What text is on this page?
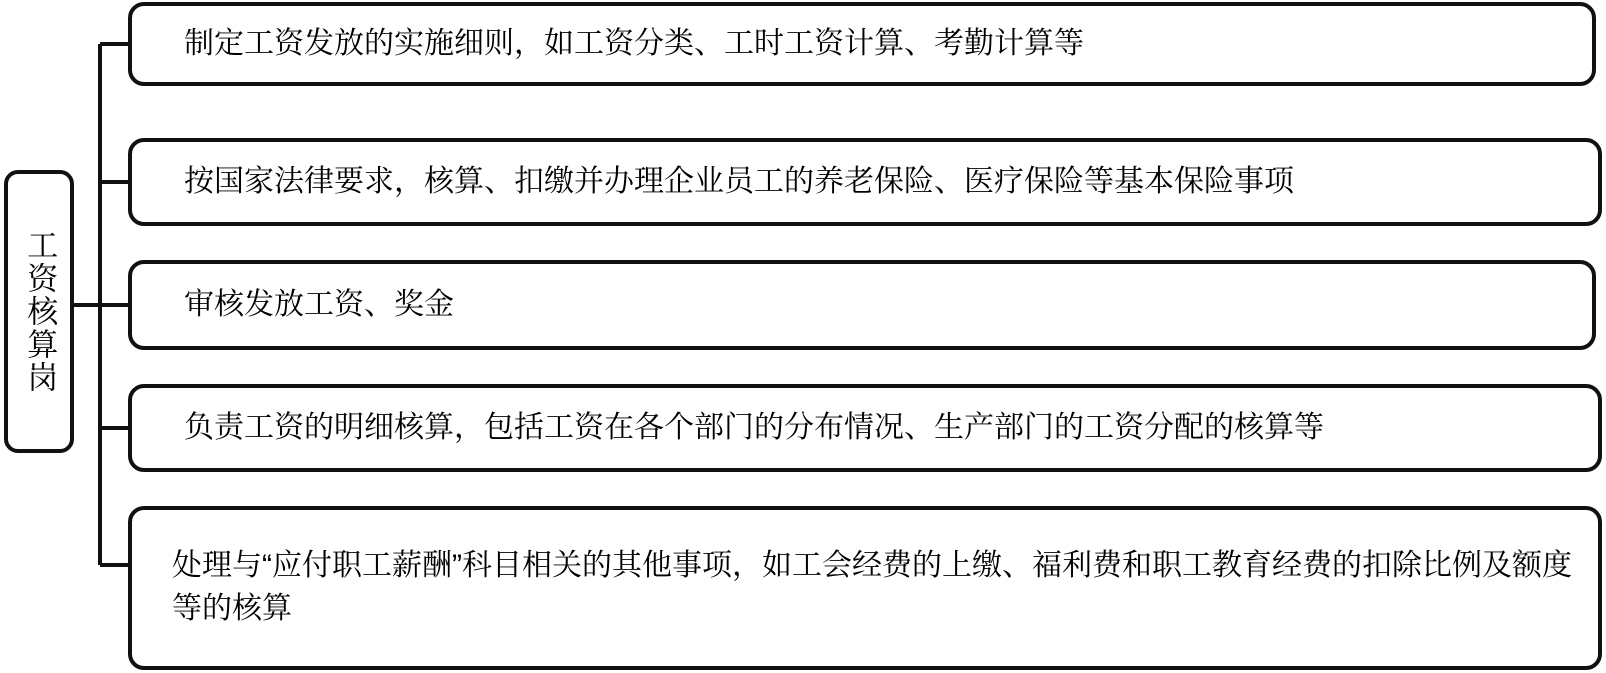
工资核算岗
制定工资发放的实施细则，如工资分类、工时工资计算、考勤计算等
按国家法律要求，核算、扣缴并办理企业员工的养老保险、医疗保险等基本保险事项
审核发放工资、奖金
负责工资的明细核算，包括工资在各个部门的分布情况、生产部门的工资分配的核算等
处理与“应付职工薪酬”科目相关的其他事项，如工会经费的上缴、福利费和职工教育经费的扣除比例及额度等的核算
